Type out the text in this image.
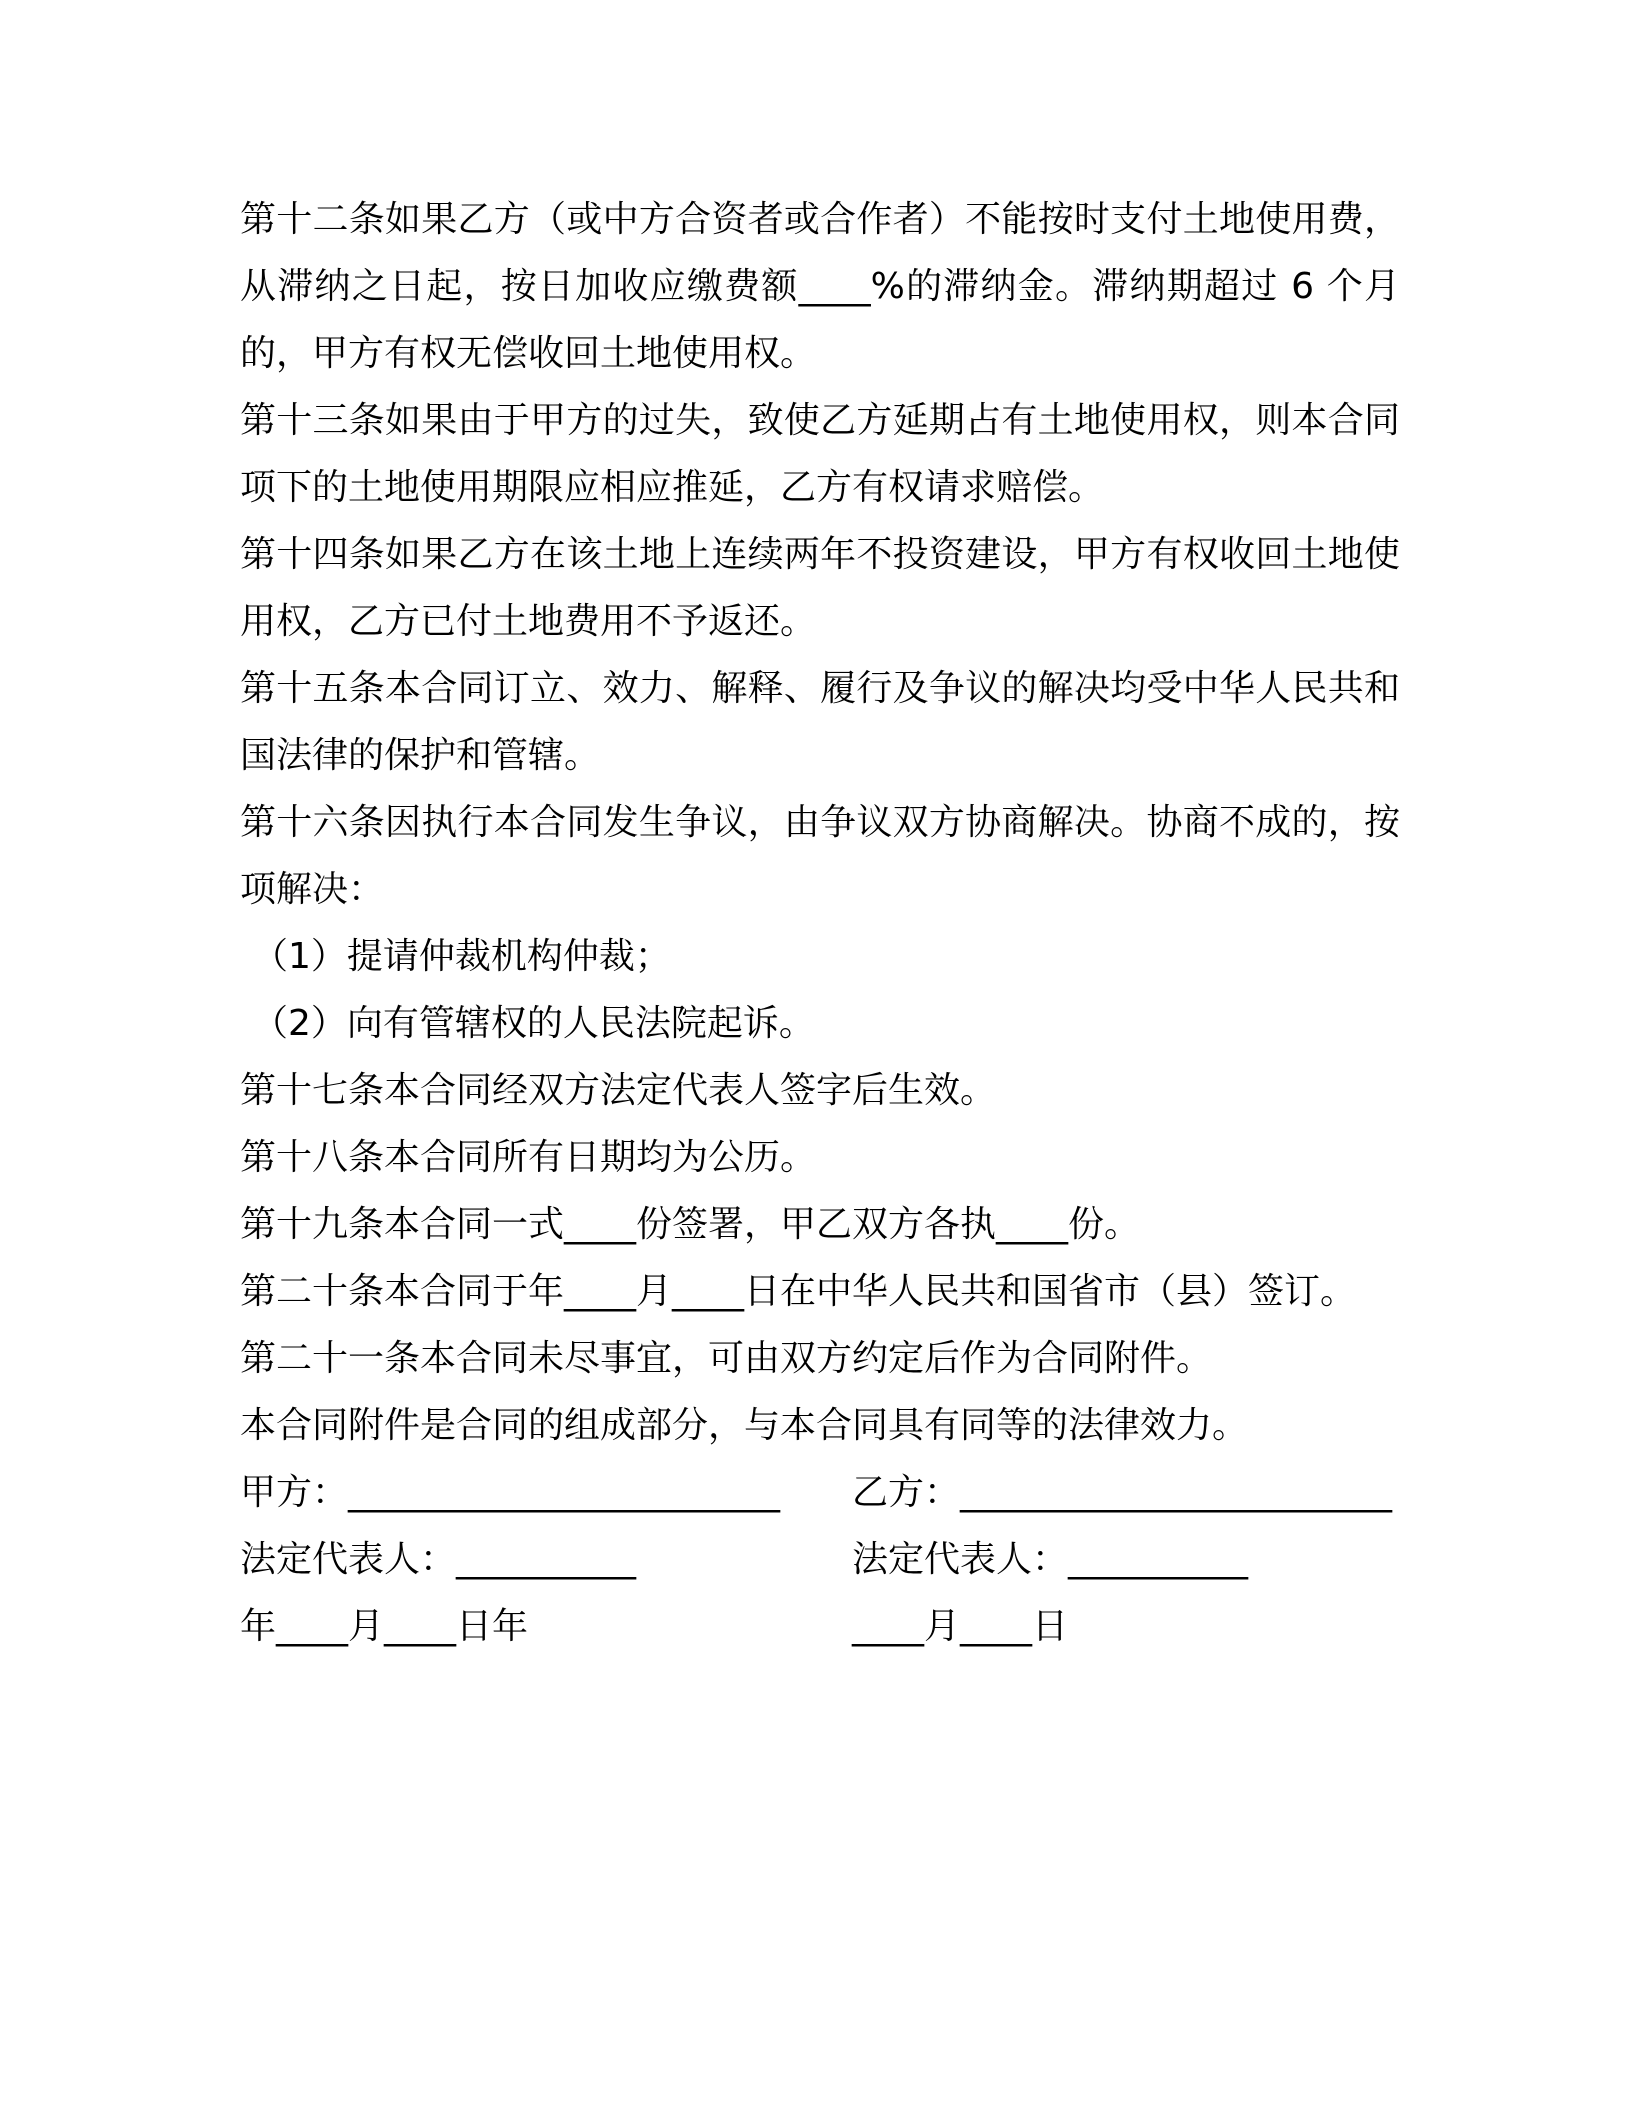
第十二条如果乙方（或中方合资者或合作者）不能按时支付土地使用费，从滞纳之日起，按日加收应缴费额____%的滞纳金。滞纳期超过 6 个月的，甲方有权无偿收回土地使用权。

第十三条如果由于甲方的过失，致使乙方延期占有土地使用权，则本合同项下的土地使用期限应相应推延，乙方有权请求赔偿。

第十四条如果乙方在该土地上连续两年不投资建设，甲方有权收回土地使用权，乙方已付土地费用不予返还。

第十五条本合同订立、效力、解释、履行及争议的解决均受中华人民共和国法律的保护和管辖。

第十六条因执行本合同发生争议，由争议双方协商解决。协商不成的，按项解决：

（1）提请仲裁机构仲裁；

（2）向有管辖权的人民法院起诉。

第十七条本合同经双方法定代表人签字后生效。

第十八条本合同所有日期均为公历。

第十九条本合同一式____份签署，甲乙双方各执____份。

第二十条本合同于年____月____日在中华人民共和国省市（县）签订。

第二十一条本合同未尽事宜，可由双方约定后作为合同附件。

本合同附件是合同的组成部分，与本合同具有同等的法律效力。

甲方：________________________ 乙方：________________________
法定代表人：__________	法定代表人：__________
年____月____日年	____月____日
